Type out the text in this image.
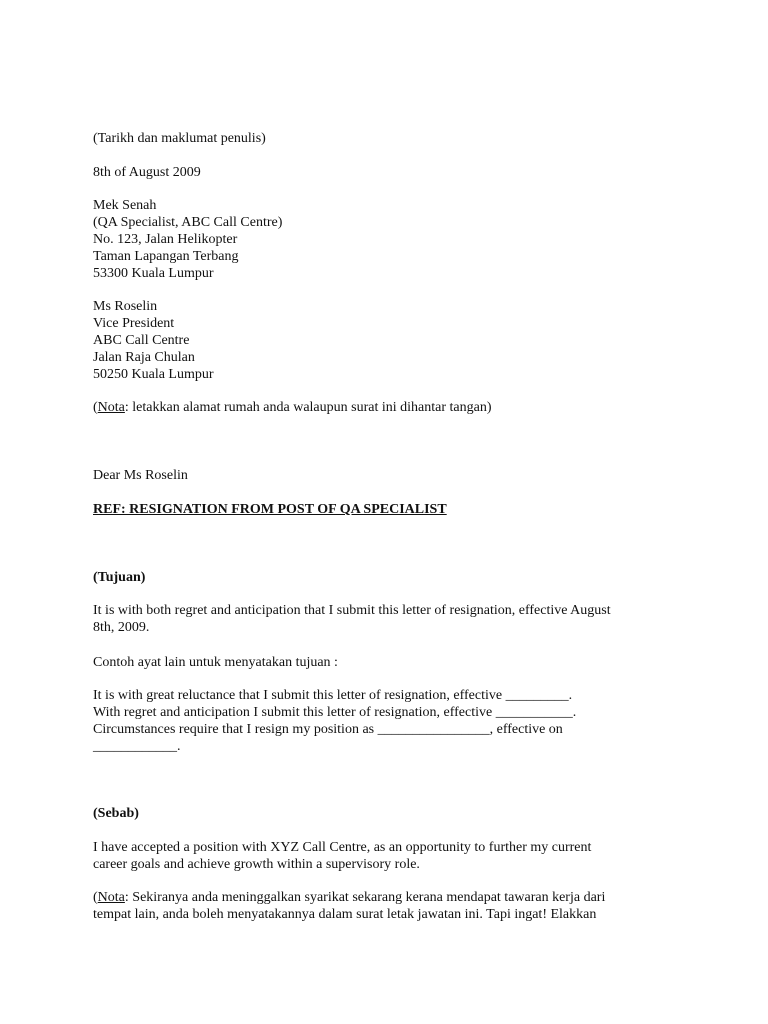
(Tarikh dan maklumat penulis)
8th of August 2009
Mek Senah
(QA Specialist, ABC Call Centre)
No. 123, Jalan Helikopter
Taman Lapangan Terbang
53300 Kuala Lumpur
Ms Roselin
Vice President
ABC Call Centre
Jalan Raja Chulan
50250 Kuala Lumpur
(Nota: letakkan alamat rumah anda walaupun surat ini dihantar tangan)
Dear Ms Roselin
REF: RESIGNATION FROM POST OF QA SPECIALIST
(Tujuan)
It is with both regret and anticipation that I submit this letter of resignation, effective August
8th, 2009.
Contoh ayat lain untuk menyatakan tujuan :
It is with great reluctance that I submit this letter of resignation, effective _________.
With regret and anticipation I submit this letter of resignation, effective ___________.
Circumstances require that I resign my position as ________________, effective on
____________.
(Sebab)
I have accepted a position with XYZ Call Centre, as an opportunity to further my current
career goals and achieve growth within a supervisory role.
(Nota: Sekiranya anda meninggalkan syarikat sekarang kerana mendapat tawaran kerja dari
tempat lain, anda boleh menyatakannya dalam surat letak jawatan ini. Tapi ingat! Elakkan
